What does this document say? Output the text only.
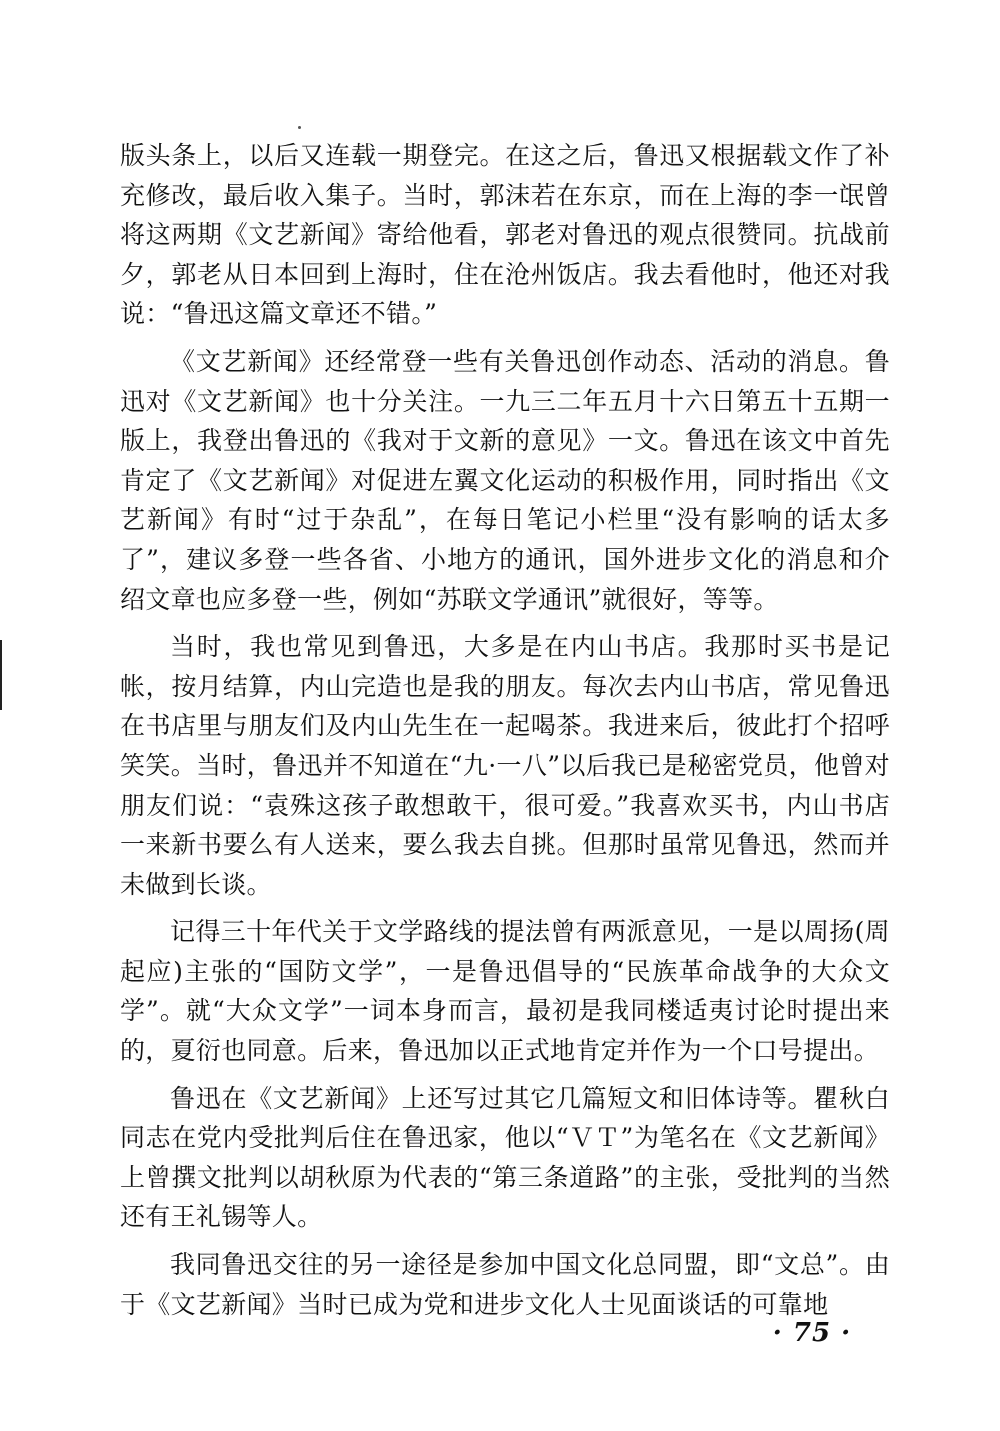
版头条上，以后又连载一期登完。在这之后，鲁迅又根据载文作了补充修改，最后收入集子。当时，郭沫若在东京，而在上海的李一氓曾将这两期《文艺新闻》寄给他看，郭老对鲁迅的观点很赞同。抗战前夕，郭老从日本回到上海时，住在沧州饭店。我去看他时，他还对我说：“鲁迅这篇文章还不错。”

《文艺新闻》还经常登一些有关鲁迅创作动态、活动的消息。鲁迅对《文艺新闻》也十分关注。一九三二年五月十六日第五十五期一版上，我登出鲁迅的《我对于文新的意见》一文。鲁迅在该文中首先肯定了《文艺新闻》对促进左翼文化运动的积极作用，同时指出《文艺新闻》有时“过于杂乱”，在每日笔记小栏里“没有影响的话太多了”，建议多登一些各省、小地方的通讯，国外进步文化的消息和介绍文章也应多登一些，例如“苏联文学通讯”就很好，等等。

当时，我也常见到鲁迅，大多是在内山书店。我那时买书是记帐，按月结算，内山完造也是我的朋友。每次去内山书店，常见鲁迅在书店里与朋友们及内山先生在一起喝茶。我进来后，彼此打个招呼笑笑。当时，鲁迅并不知道在“九·一八”以后我已是秘密党员，他曾对朋友们说：“袁殊这孩子敢想敢干，很可爱。”我喜欢买书，内山书店一来新书要么有人送来，要么我去自挑。但那时虽常见鲁迅，然而并未做到长谈。

记得三十年代关于文学路线的提法曾有两派意见，一是以周扬(周起应)主张的“国防文学”，一是鲁迅倡导的“民族革命战争的大众文学”。就“大众文学”一词本身而言，最初是我同楼适夷讨论时提出来的，夏衍也同意。后来，鲁迅加以正式地肯定并作为一个口号提出。

鲁迅在《文艺新闻》上还写过其它几篇短文和旧体诗等。瞿秋白同志在党内受批判后住在鲁迅家，他以“ＶＴ”为笔名在《文艺新闻》上曾撰文批判以胡秋原为代表的“第三条道路”的主张，受批判的当然还有王礼锡等人。

我同鲁迅交往的另一途径是参加中国文化总同盟，即“文总”。由于《文艺新闻》当时已成为党和进步文化人士见面谈话的可靠地

· 75 ·
